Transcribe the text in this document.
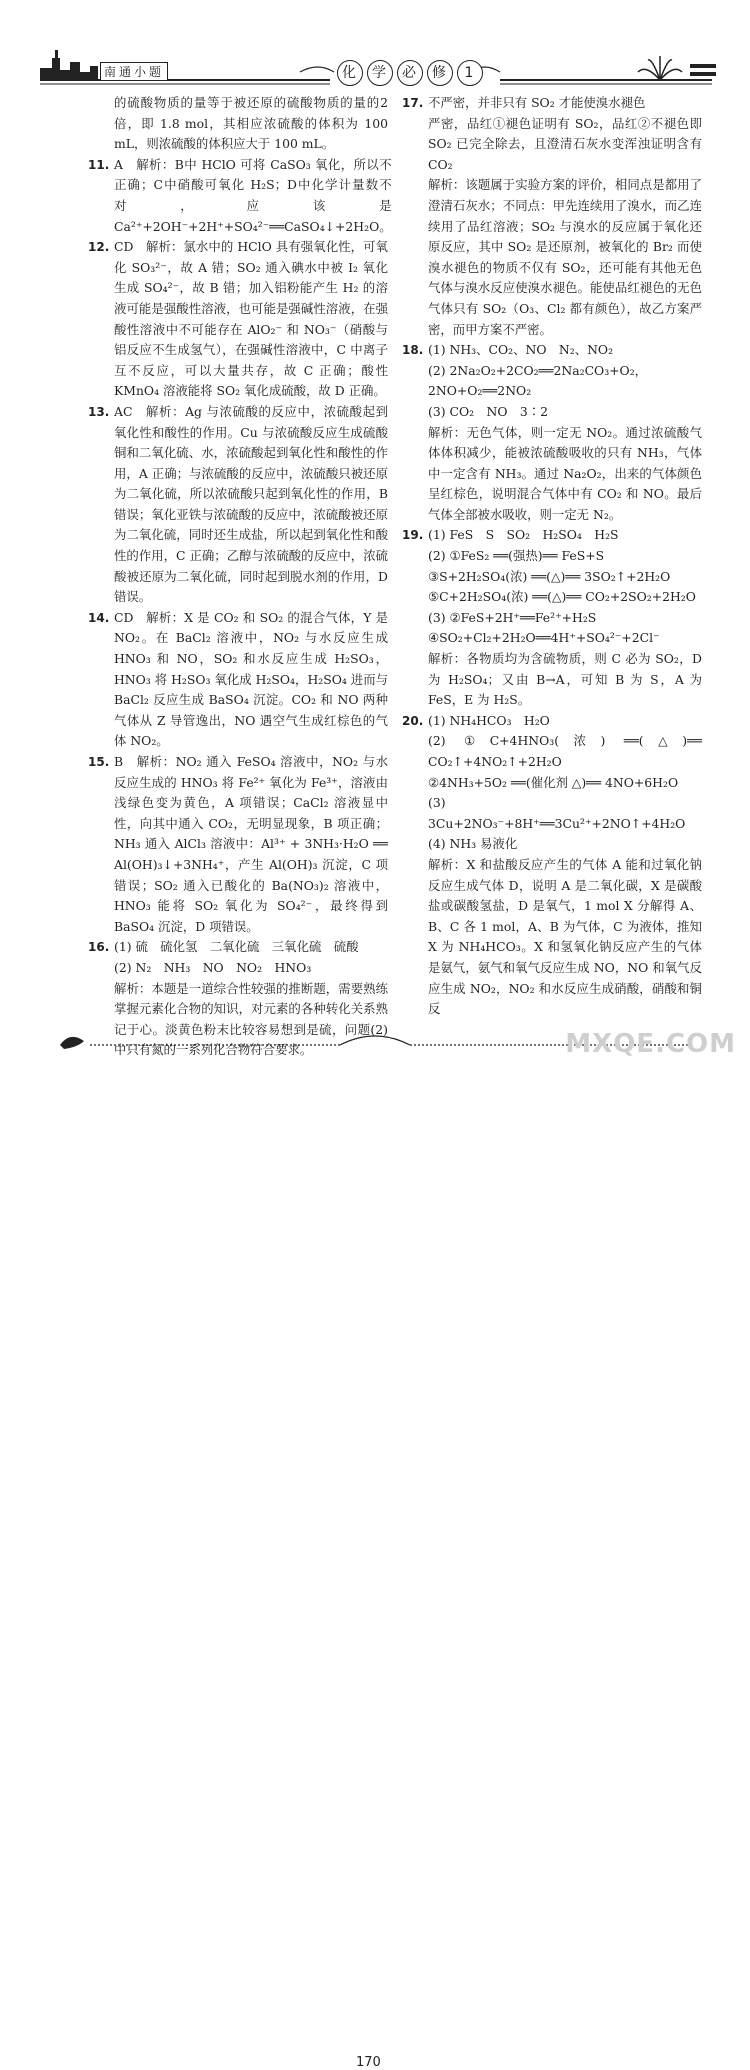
南通小题	化 学 必 修 1

的硫酸物质的量等于被还原的硫酸物质的量的2倍，即 1.8 mol，其相应浓硫酸的体积为 100 mL，则浓硫酸的体积应大于 100 mL。

11. A　解析：B中 HClO 可将 CaSO₃ 氧化，所以不正确；C中硝酸可氧化 H₂S；D中化学计量数不对，应该是 Ca²⁺+2OH⁻+2H⁺+SO₄²⁻══CaSO₄↓+2H₂O。

12. CD　解析：氯水中的 HClO 具有强氧化性，可氧化 SO₃²⁻，故 A 错；SO₂ 通入碘水中被 I₂ 氧化生成 SO₄²⁻，故 B 错；加入铝粉能产生 H₂ 的溶液可能是强酸性溶液，也可能是强碱性溶液，在强酸性溶液中不可能存在 AlO₂⁻ 和 NO₃⁻（硝酸与铝反应不生成氢气），在强碱性溶液中，C 中离子互不反应，可以大量共存，故 C 正确；酸性 KMnO₄ 溶液能将 SO₂ 氧化成硫酸，故 D 正确。

13. AC　解析：Ag 与浓硫酸的反应中，浓硫酸起到氧化性和酸性的作用。Cu 与浓硫酸反应生成硫酸铜和二氧化硫、水，浓硫酸起到氧化性和酸性的作用，A 正确；与浓硫酸的反应中，浓硫酸只被还原为二氧化硫，所以浓硫酸只起到氧化性的作用，B 错误；氧化亚铁与浓硫酸的反应中，浓硫酸被还原为二氧化硫，同时还生成盐，所以起到氧化性和酸性的作用，C 正确；乙醇与浓硫酸的反应中，浓硫酸被还原为二氧化硫，同时起到脱水剂的作用，D 错误。

14. CD　解析：X 是 CO₂ 和 SO₂ 的混合气体，Y 是 NO₂。在 BaCl₂ 溶液中，NO₂ 与水反应生成 HNO₃ 和 NO，SO₂ 和水反应生成 H₂SO₃，HNO₃ 将 H₂SO₃ 氧化成 H₂SO₄，H₂SO₄ 进而与 BaCl₂ 反应生成 BaSO₄ 沉淀。CO₂ 和 NO 两种气体从 Z 导管逸出，NO 遇空气生成红棕色的气体 NO₂。

15. B　解析：NO₂ 通入 FeSO₄ 溶液中，NO₂ 与水反应生成的 HNO₃ 将 Fe²⁺ 氧化为 Fe³⁺，溶液由浅绿色变为黄色，A 项错误；CaCl₂ 溶液显中性，向其中通入 CO₂，无明显现象，B 项正确；NH₃ 通入 AlCl₃ 溶液中：Al³⁺ + 3NH₃·H₂O ══ Al(OH)₃↓+3NH₄⁺，产生 Al(OH)₃ 沉淀，C 项错误；SO₂ 通入已酸化的 Ba(NO₃)₂ 溶液中，HNO₃ 能将 SO₂ 氧化为 SO₄²⁻，最终得到 BaSO₄ 沉淀，D 项错误。

16. (1) 硫　硫化氢　二氧化硫　三氧化硫　硫酸

(2) N₂　NH₃　NO　NO₂　HNO₃

解析：本题是一道综合性较强的推断题，需要熟练掌握元素化合物的知识，对元素的各种转化关系熟记于心。淡黄色粉末比较容易想到是硫，问题(2)中只有氮的一系列化合物符合要求。

17. 不严密，并非只有 SO₂ 才能使溴水褪色

严密，品红①褪色证明有 SO₂，品红②不褪色即 SO₂ 已完全除去，且澄清石灰水变浑浊证明含有 CO₂

解析：该题属于实验方案的评价，相同点是都用了澄清石灰水；不同点：甲先连续用了溴水，而乙连续用了品红溶液；SO₂ 与溴水的反应属于氧化还原反应，其中 SO₂ 是还原剂，被氧化的 Br₂ 而使溴水褪色的物质不仅有 SO₂，还可能有其他无色气体与溴水反应使溴水褪色。能使品红褪色的无色气体只有 SO₂（O₃、Cl₂ 都有颜色），故乙方案严密，而甲方案不严密。

18. (1) NH₃、CO₂、NO　N₂、NO₂

(2) 2Na₂O₂+2CO₂══2Na₂CO₃+O₂，

2NO+O₂══2NO₂

(3) CO₂　NO　3∶2

解析：无色气体，则一定无 NO₂。通过浓硫酸气体体积减少，能被浓硫酸吸收的只有 NH₃，气体中一定含有 NH₃。通过 Na₂O₂，出来的气体颜色呈红棕色，说明混合气体中有 CO₂ 和 NO。最后气体全部被水吸收，则一定无 N₂。

19. (1) FeS　S　SO₂　H₂SO₄　H₂S

(2) ①FeS₂ ══(强热)══ FeS+S

③S+2H₂SO₄(浓) ══(△)══ 3SO₂↑+2H₂O

⑤C+2H₂SO₄(浓) ══(△)══ CO₂+2SO₂+2H₂O

(3) ②FeS+2H⁺══Fe²⁺+H₂S

④SO₂+Cl₂+2H₂O══4H⁺+SO₄²⁻+2Cl⁻

解析：各物质均为含硫物质，则 C 必为 SO₂，D 为 H₂SO₄；又由 B→A，可知 B 为 S，A 为 FeS，E 为 H₂S。

20. (1) NH₄HCO₃　H₂O

(2) ①C+4HNO₃(浓) ══(△)══ CO₂↑+4NO₂↑+2H₂O

②4NH₃+5O₂ ══(催化剂 △)══ 4NO+6H₂O

(3) 3Cu+2NO₃⁻+8H⁺══3Cu²⁺+2NO↑+4H₂O

(4) NH₃ 易液化

解析：X 和盐酸反应产生的气体 A 能和过氧化钠反应生成气体 D，说明 A 是二氧化碳，X 是碳酸盐或碳酸氢盐，D 是氧气，1 mol X 分解得 A、B、C 各 1 mol，A、B 为气体，C 为液体，推知 X 为 NH₄HCO₃。X 和氢氧化钠反应产生的气体是氨气，氨气和氧气反应生成 NO，NO 和氧气反应生成 NO₂，NO₂ 和水反应生成硝酸，硝酸和铜反

170
MXQE.COM
